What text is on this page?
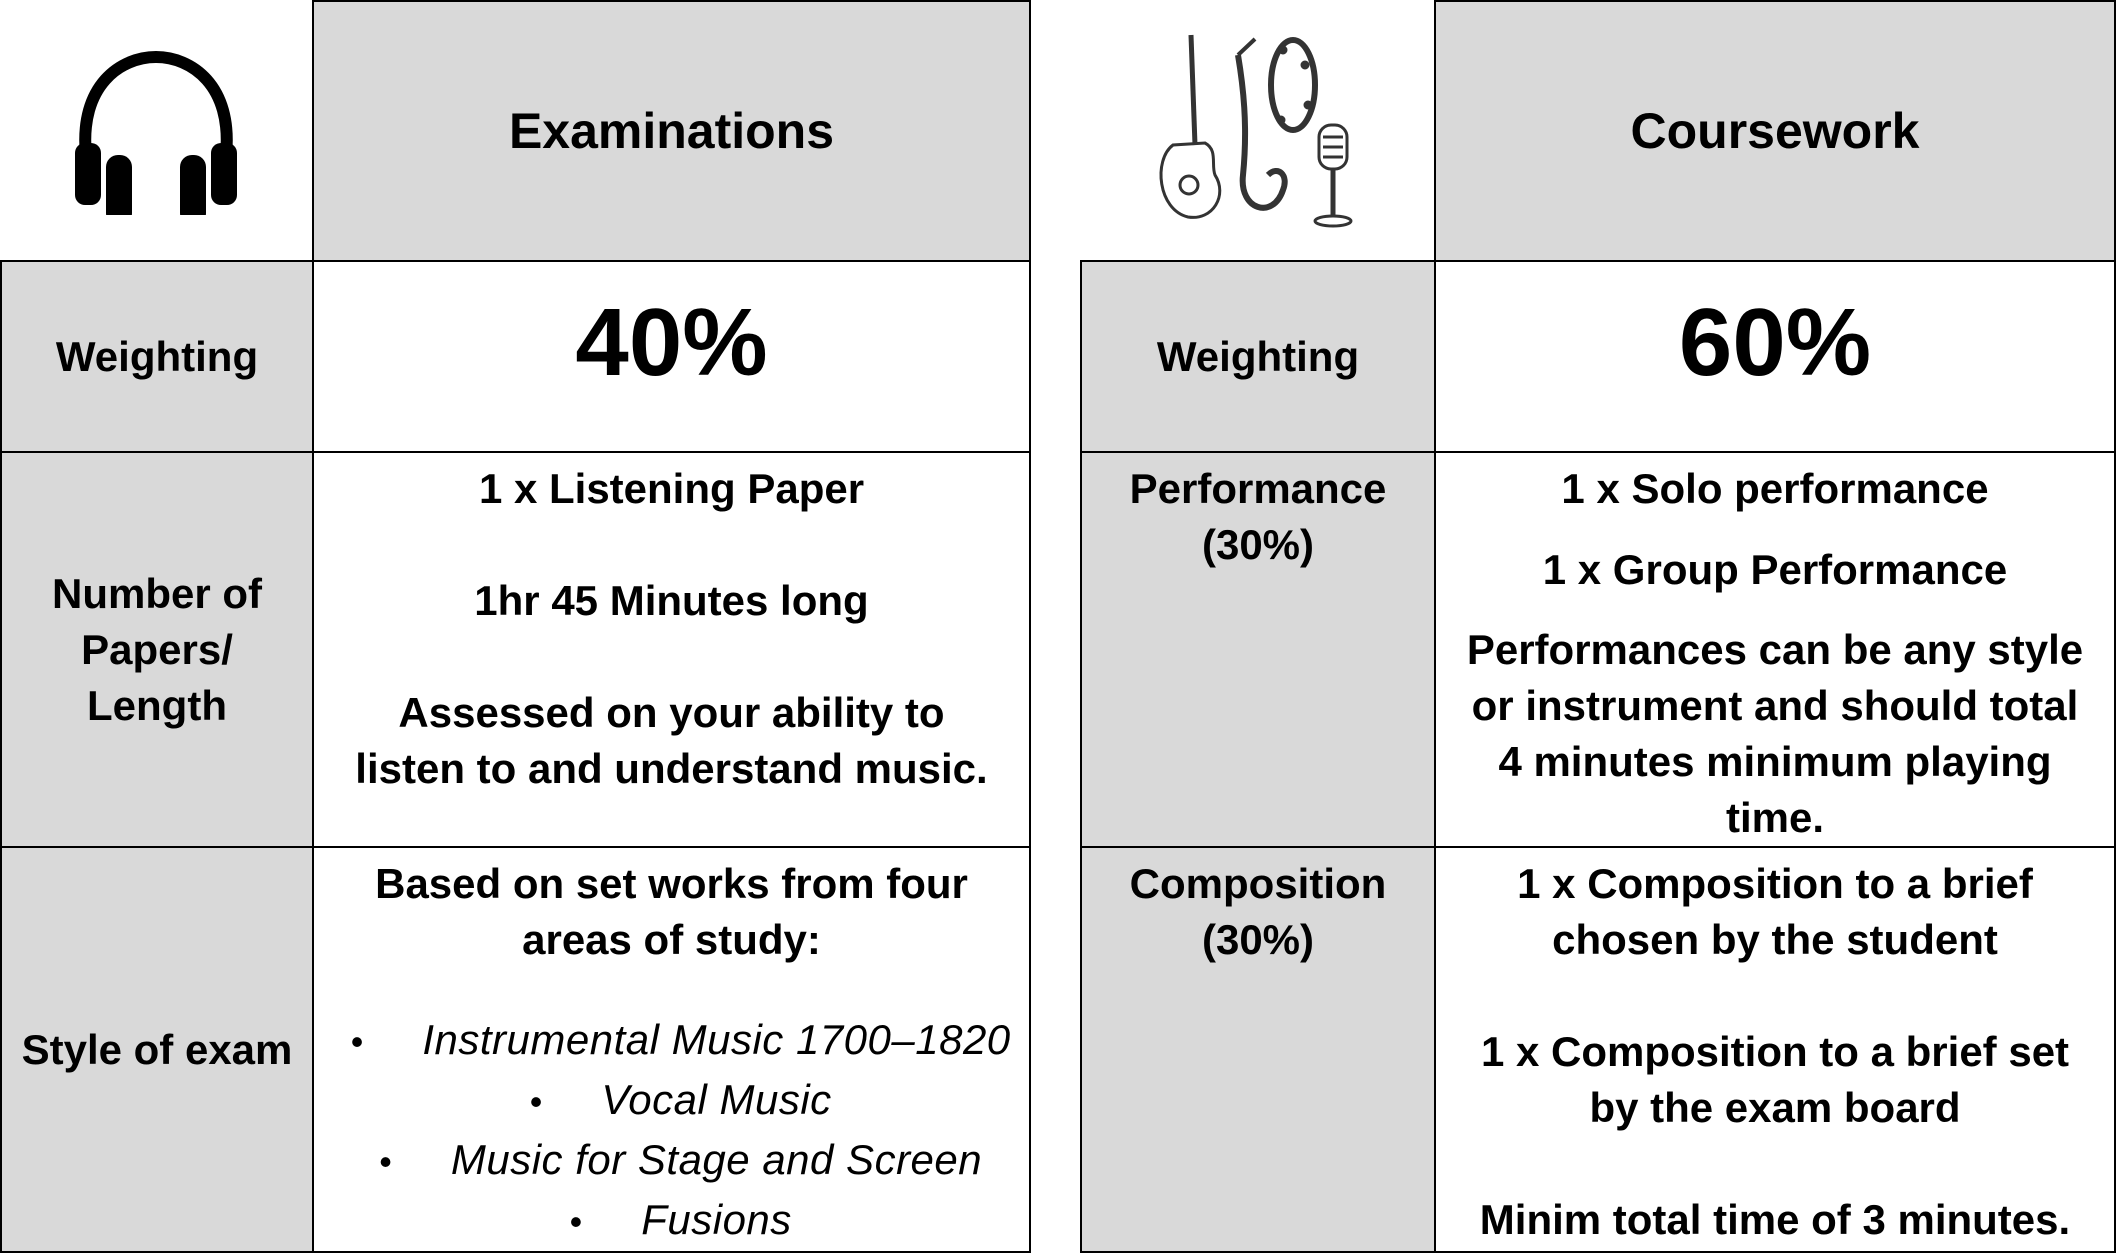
Examinations
Weighting	40%
Number of Papers/ Length

1 x Listening Paper

1hr 45 Minutes long

Assessed on your ability to listen to and understand music.

Style of exam

Based on set works from four areas of study:

• Instrumental Music 1700–1820
• Vocal Music
• Music for Stage and Screen
• Fusions
Coursework
Weighting	60%
Performance (30%)

1 x Solo performance

1 x Group Performance

Performances can be any style or instrument and should total 4 minutes minimum playing time.

Composition (30%)

1 x Composition to a brief chosen by the student

1 x Composition to a brief set by the exam board

Minim total time of 3 minutes.
